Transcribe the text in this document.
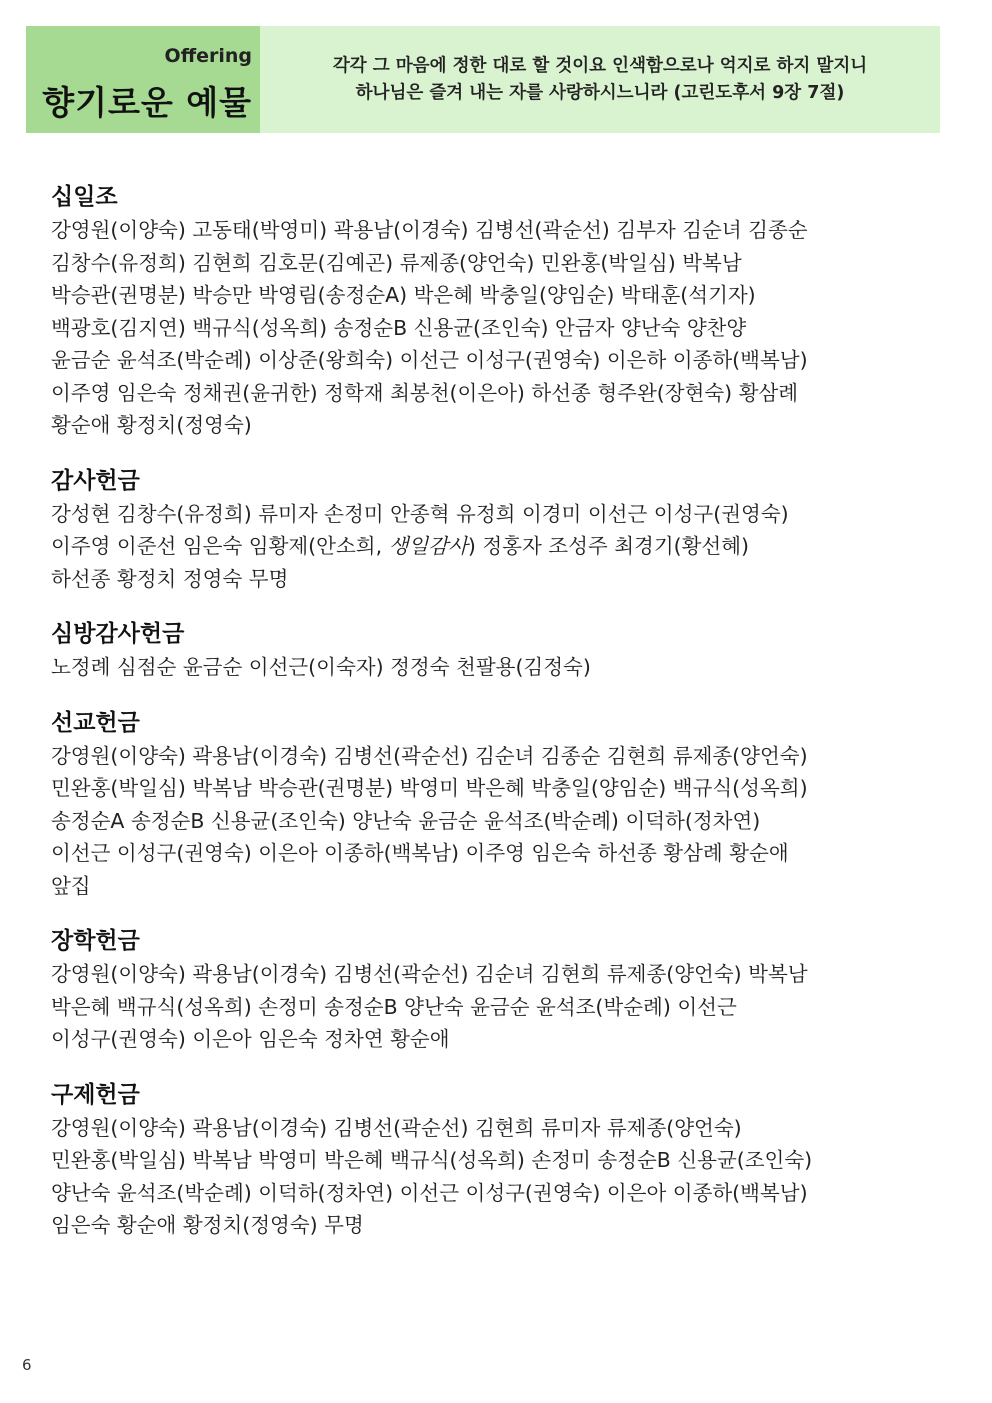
Offering
향기로운 예물
각각 그 마음에 정한 대로 할 것이요 인색함으로나 억지로 하지 말지니
하나님은 즐겨 내는 자를 사랑하시느니라 (고린도후서 9장 7절)
십일조
강영원(이양숙) 고동태(박영미) 곽용남(이경숙) 김병선(곽순선) 김부자 김순녀 김종순
김창수(유정희) 김현희 김호문(김예곤) 류제종(양언숙) 민완홍(박일심) 박복남
박승관(권명분) 박승만 박영림(송정순A) 박은혜 박충일(양임순) 박태훈(석기자)
백광호(김지연) 백규식(성옥희) 송정순B 신용균(조인숙) 안금자 양난숙 양찬양
윤금순 윤석조(박순례) 이상준(왕희숙) 이선근 이성구(권영숙) 이은하 이종하(백복남)
이주영 임은숙 정채권(윤귀한) 정학재 최봉천(이은아) 하선종 형주완(장현숙) 황삼례
황순애 황정치(정영숙)
감사헌금
강성현 김창수(유정희) 류미자 손정미 안종혁 유정희 이경미 이선근 이성구(권영숙)
이주영 이준선 임은숙 임황제(안소희, 생일감사) 정홍자 조성주 최경기(황선혜)
하선종 황정치 정영숙 무명
심방감사헌금
노정례 심점순 윤금순 이선근(이숙자) 정정숙 천팔용(김정숙)
선교헌금
강영원(이양숙) 곽용남(이경숙) 김병선(곽순선) 김순녀 김종순 김현희 류제종(양언숙)
민완홍(박일심) 박복남 박승관(권명분) 박영미 박은혜 박충일(양임순) 백규식(성옥희)
송정순A 송정순B 신용균(조인숙) 양난숙 윤금순 윤석조(박순례) 이덕하(정차연)
이선근 이성구(권영숙) 이은아 이종하(백복남) 이주영 임은숙 하선종 황삼례 황순애
앞집
장학헌금
강영원(이양숙) 곽용남(이경숙) 김병선(곽순선) 김순녀 김현희 류제종(양언숙) 박복남
박은혜 백규식(성옥희) 손정미 송정순B 양난숙 윤금순 윤석조(박순례) 이선근
이성구(권영숙) 이은아 임은숙 정차연 황순애
구제헌금
강영원(이양숙) 곽용남(이경숙) 김병선(곽순선) 김현희 류미자 류제종(양언숙)
민완홍(박일심) 박복남 박영미 박은혜 백규식(성옥희) 손정미 송정순B 신용균(조인숙)
양난숙 윤석조(박순례) 이덕하(정차연) 이선근 이성구(권영숙) 이은아 이종하(백복남)
임은숙 황순애 황정치(정영숙) 무명
6
